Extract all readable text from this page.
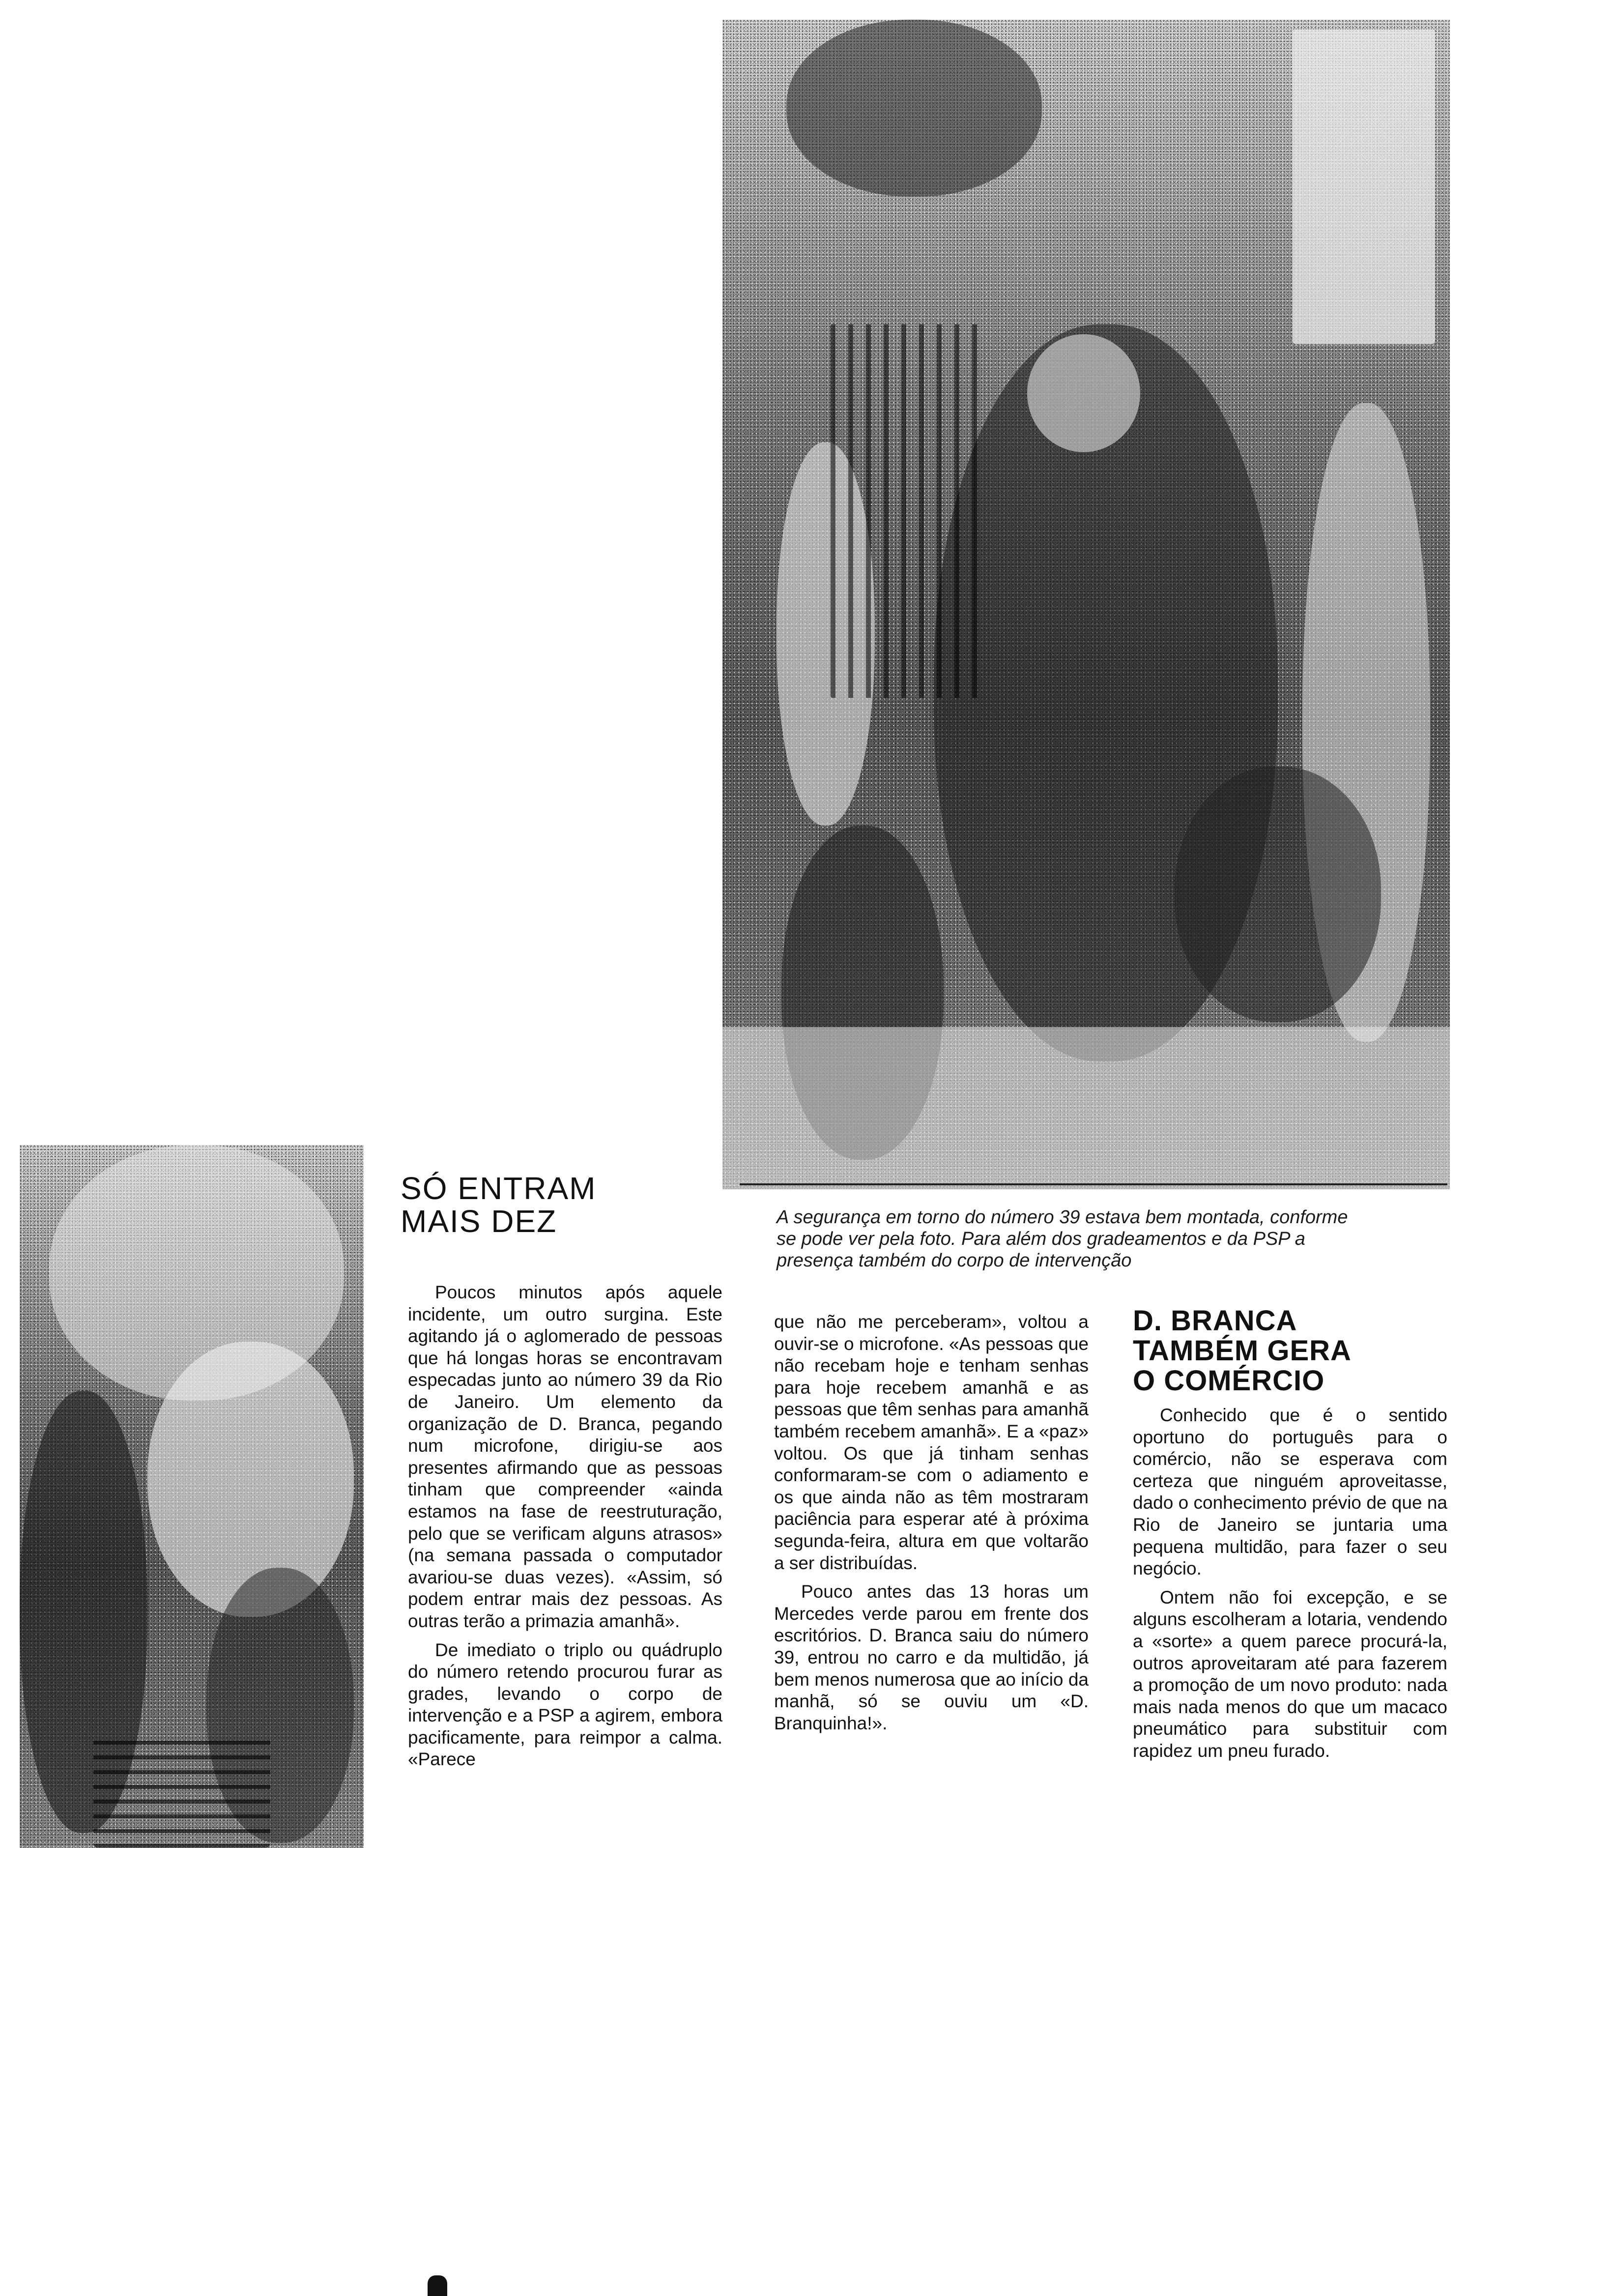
SÓ ENTRAM
MAIS DEZ

Poucos minutos após aquele incidente, um outro surgina. Este agitando já o aglomerado de pessoas que há longas horas se encontravam especadas junto ao número 39 da Rio de Janeiro. Um elemento da organização de D. Branca, pegando num microfone, dirigiu-se aos presentes afirmando que as pessoas tinham que compreender «ainda estamos na fase de reestruturação, pelo que se verificam alguns atrasos» (na semana passada o computador avariou-se duas vezes). «Assim, só podem entrar mais dez pessoas. As outras terão a primazia amanhã».

De imediato o triplo ou quádruplo do número retendo procurou furar as grades, levando o corpo de intervenção e a PSP a agirem, embora pacificamente, para reimpor a calma. «Parece

A segurança em torno do número 39 estava bem montada, conforme
se pode ver pela foto. Para além dos gradeamentos e da PSP a
presença também do corpo de intervenção

que não me perceberam», voltou a ouvir-se o microfone. «As pessoas que não recebam hoje e tenham senhas para hoje recebem amanhã e as pessoas que têm senhas para amanhã também recebem amanhã». E a «paz» voltou. Os que já tinham senhas conformaram-se com o adiamento e os que ainda não as têm mostraram paciência para esperar até à próxima segunda-feira, altura em que voltarão a ser distribuídas.

Pouco antes das 13 horas um Mercedes verde parou em frente dos escritórios. D. Branca saiu do número 39, entrou no carro e da multidão, já bem menos numerosa que ao início da manhã, só se ouviu um «D. Branquinha!».

D. BRANCA
TAMBÉM GERA
O COMÉRCIO

Conhecido que é o sentido oportuno do português para o comércio, não se esperava com certeza que ninguém aproveitasse, dado o conhecimento prévio de que na Rio de Janeiro se juntaria uma pequena multidão, para fazer o seu negócio.

Ontem não foi excepção, e se alguns escolheram a lotaria, vendendo a «sorte» a quem parece procurá-la, outros aproveitaram até para fazerem a promoção de um novo produto: nada mais nada menos do que um macaco pneumático para substituir com rapidez um pneu furado.
